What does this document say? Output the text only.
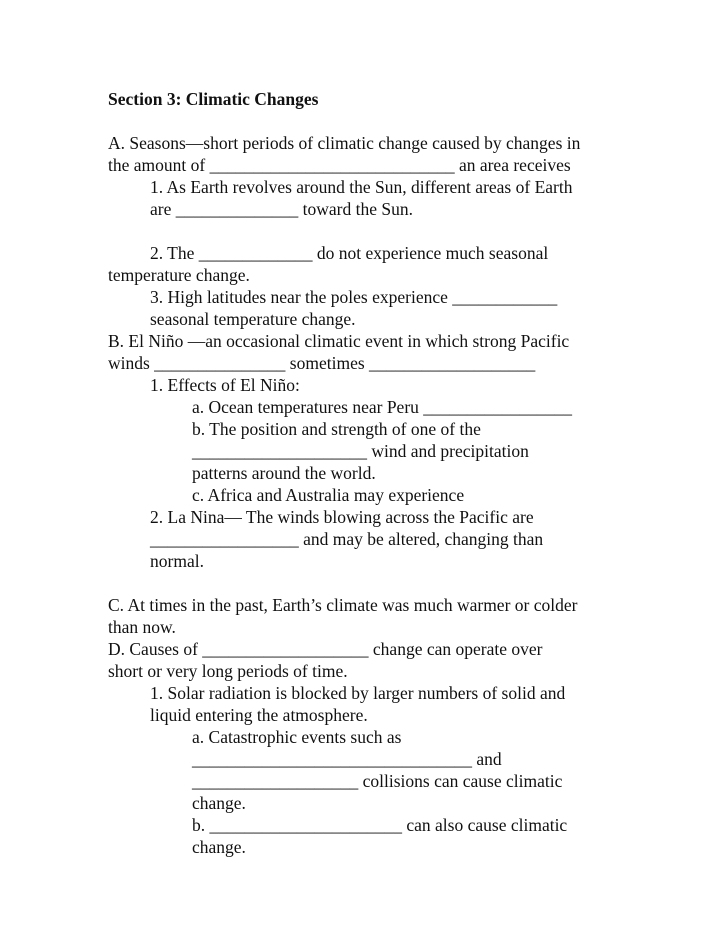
Section 3: Climatic Changes
A. Seasons—short periods of climatic change caused by changes in
the amount of ____________________________ an area receives
1. As Earth revolves around the Sun, different areas of Earth
are ______________ toward the Sun.
2. The _____________ do not experience much seasonal
temperature change.
3. High latitudes near the poles experience ____________
seasonal temperature change.
B. El Niño —an occasional climatic event in which strong Pacific
winds _______________ sometimes ___________________
1. Effects of El Niño:
a. Ocean temperatures near Peru _________________
b. The position and strength of one of the
____________________ wind and precipitation
patterns around the world.
c. Africa and Australia may experience
2. La Nina— The winds blowing across the Pacific are
_________________ and may be altered, changing than
normal.
C. At times in the past, Earth’s climate was much warmer or colder
than now.
D. Causes of ___________________ change can operate over
short or very long periods of time.
1. Solar radiation is blocked by larger numbers of solid and
liquid entering the atmosphere.
a. Catastrophic events such as
________________________________ and
___________________ collisions can cause climatic
change.
b. ______________________ can also cause climatic
change.
